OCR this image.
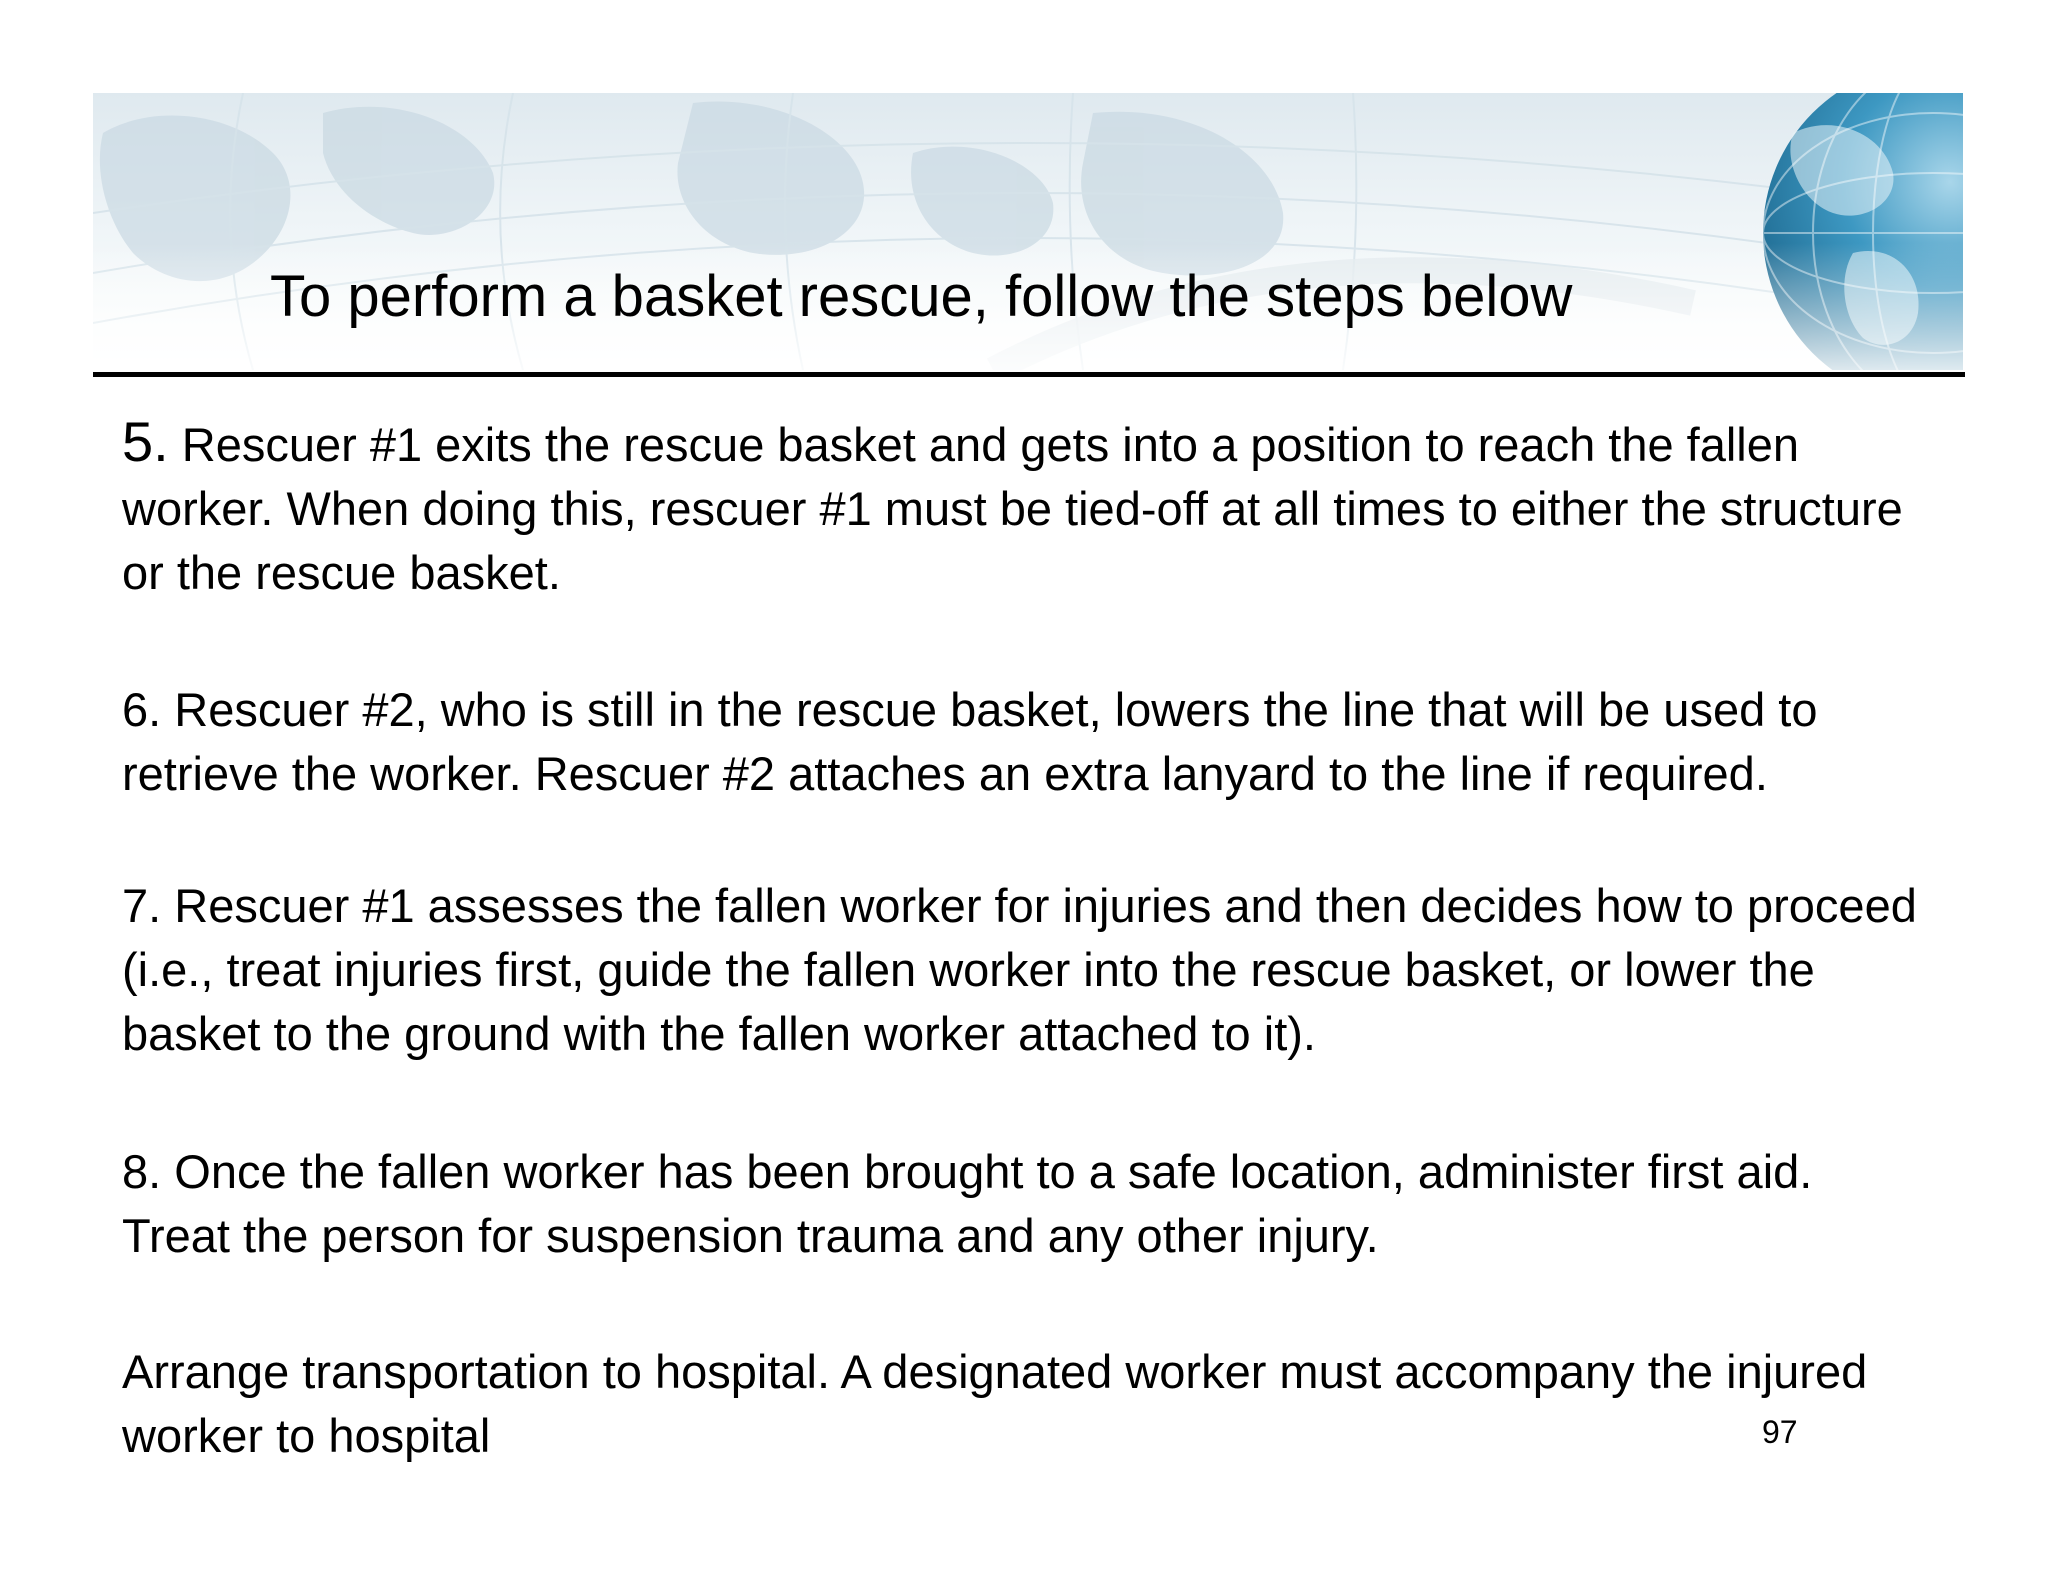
To perform a basket rescue, follow the steps below

5. Rescuer #1 exits the rescue basket and gets into a position to reach the fallen worker. When doing this, rescuer #1 must be tied-off at all times to either the structure or the rescue basket.

6. Rescuer #2, who is still in the rescue basket, lowers the line that will be used to retrieve the worker. Rescuer #2 attaches an extra lanyard to the line if required.

7. Rescuer #1 assesses the fallen worker for injuries and then decides how to proceed (i.e., treat injuries first, guide the fallen worker into the rescue basket, or lower the basket to the ground with the fallen worker attached to it).

8. Once the fallen worker has been brought to a safe location, administer first aid. Treat the person for suspension trauma and any other injury.

Arrange transportation to hospital. A designated worker must accompany the injured worker to hospital	97
